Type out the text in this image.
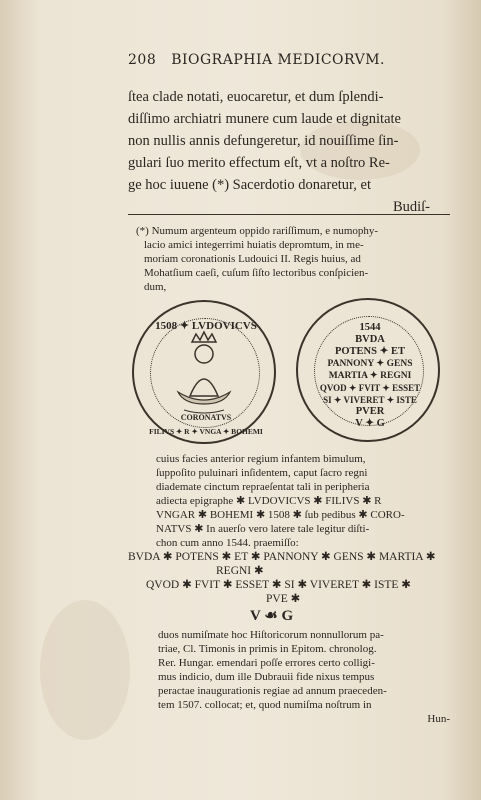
208 BIOGRAPHIA MEDICORVM.
ſtea clade notati, euocaretur, et dum ſplendi-
diſſimo archiatri munere cum laude et dignitate
non nullis annis defungeretur, id nouiſſime ſin-
gulari ſuo merito effectum eſt, vt a noſtro Re-
ge hoc iuuene (*) Sacerdotio donaretur, et
Budiſ-
(*) Numum argenteum oppido rariſſimum, e numophy-
lacio amici integerrimi huiatis depromtum, in me-
moriam coronationis Ludouici II. Regis huius, ad
Mohatſium caeſi, cuſum ſiſto lectoribus conſpicien-
dum,
1508 ✦ LVDOVICVS
CORONATVS
FILIVS ✦ R ✦ VNGA ✦ BOHEMI
1544
BVDA
POTENS ✦ ET
PANNONY ✦ GENS
MARTIA ✦ REGNI
QVOD ✦ FVIT ✦ ESSET
SI ✦ VIVERET ✦ ISTE
PVER
V ✦ G
cuius facies anterior regium infantem bimulum,
ſuppoſito puluinari inſidentem, caput ſacro regni
diademate cinctum repraeſentat tali in peripheria
adiecta epigraphe ✱ LVDOVICVS ✱ FILIVS ✱ R
VNGAR ✱ BOHEMI ✱ 1508 ✱ ſub pedibus ✱ CORO-
NATVS ✱ In auerſo vero latere tale legitur diſti-
chon cum anno 1544. praemiſſo:
BVDA ✱ POTENS ✱ ET ✱ PANNONY ✱ GENS ✱ MARTIA ✱
REGNI ✱
QVOD ✱ FVIT ✱ ESSET ✱ SI ✱ VIVERET ✱ ISTE ✱
PVE ✱
V ☙ G
duos numiſmate hoc Hiſtoricorum nonnullorum pa-
triae, Cl. Timonis in primis in Epitom. chronolog.
Rer. Hungar. emendari poſſe errores certo colligi-
mus indicio, dum ille Dubrauii fide nixus tempus
peractae inaugurationis regiae ad annum praeceden-
tem 1507. collocat; et, quod numiſma noſtrum in
Hun-
